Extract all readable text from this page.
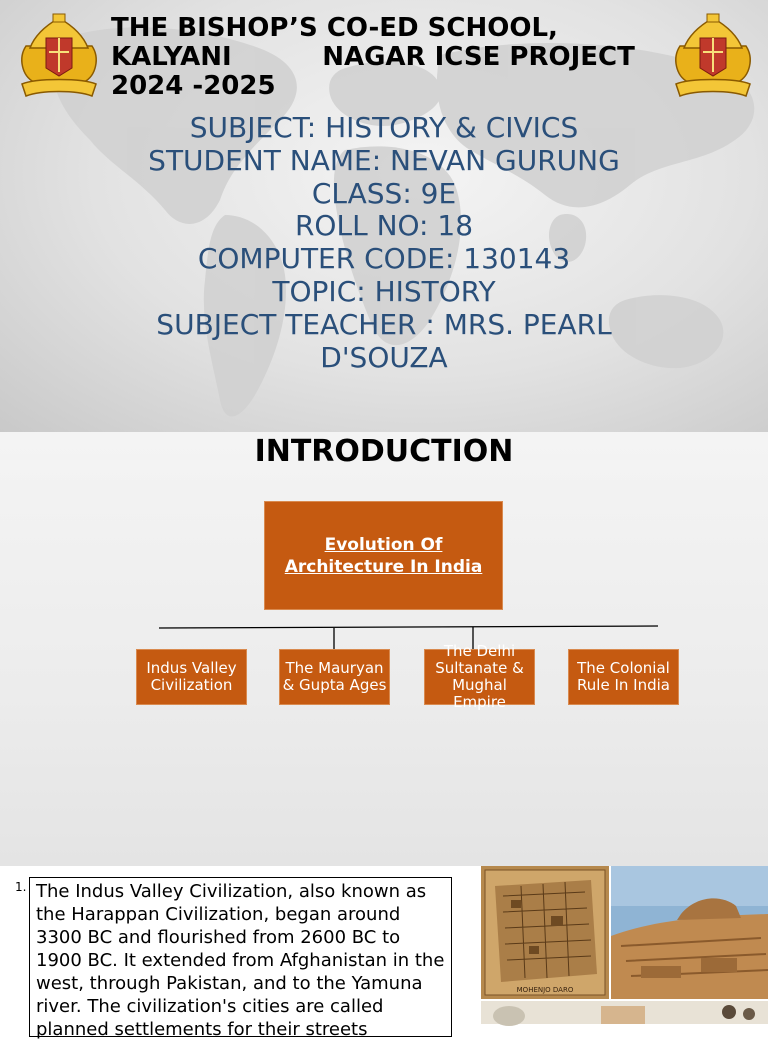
THE BISHOP’S CO-ED SCHOOL,
KALYANI          NAGAR ICSE PROJECT
2024 -2025
SUBJECT: HISTORY & CIVICS
STUDENT NAME: NEVAN GURUNG
CLASS: 9E
ROLL NO: 18
COMPUTER CODE: 130143
TOPIC: HISTORY
SUBJECT TEACHER : MRS. PEARL
D'SOUZA
INTRODUCTION
Evolution Of Architecture In India
Indus Valley Civilization
The Mauryan & Gupta Ages
The Delhi Sultanate & Mughal Empire
The Colonial Rule In India
1. The Indus Valley Civilization, also known as the Harappan Civilization, began around 3300 BC and flourished from 2600 BC to 1900 BC. It extended from Afghanistan in the west, through Pakistan, and to the Yamuna river. The civilization's cities are called planned settlements for their streets
MOHENJO DARO
